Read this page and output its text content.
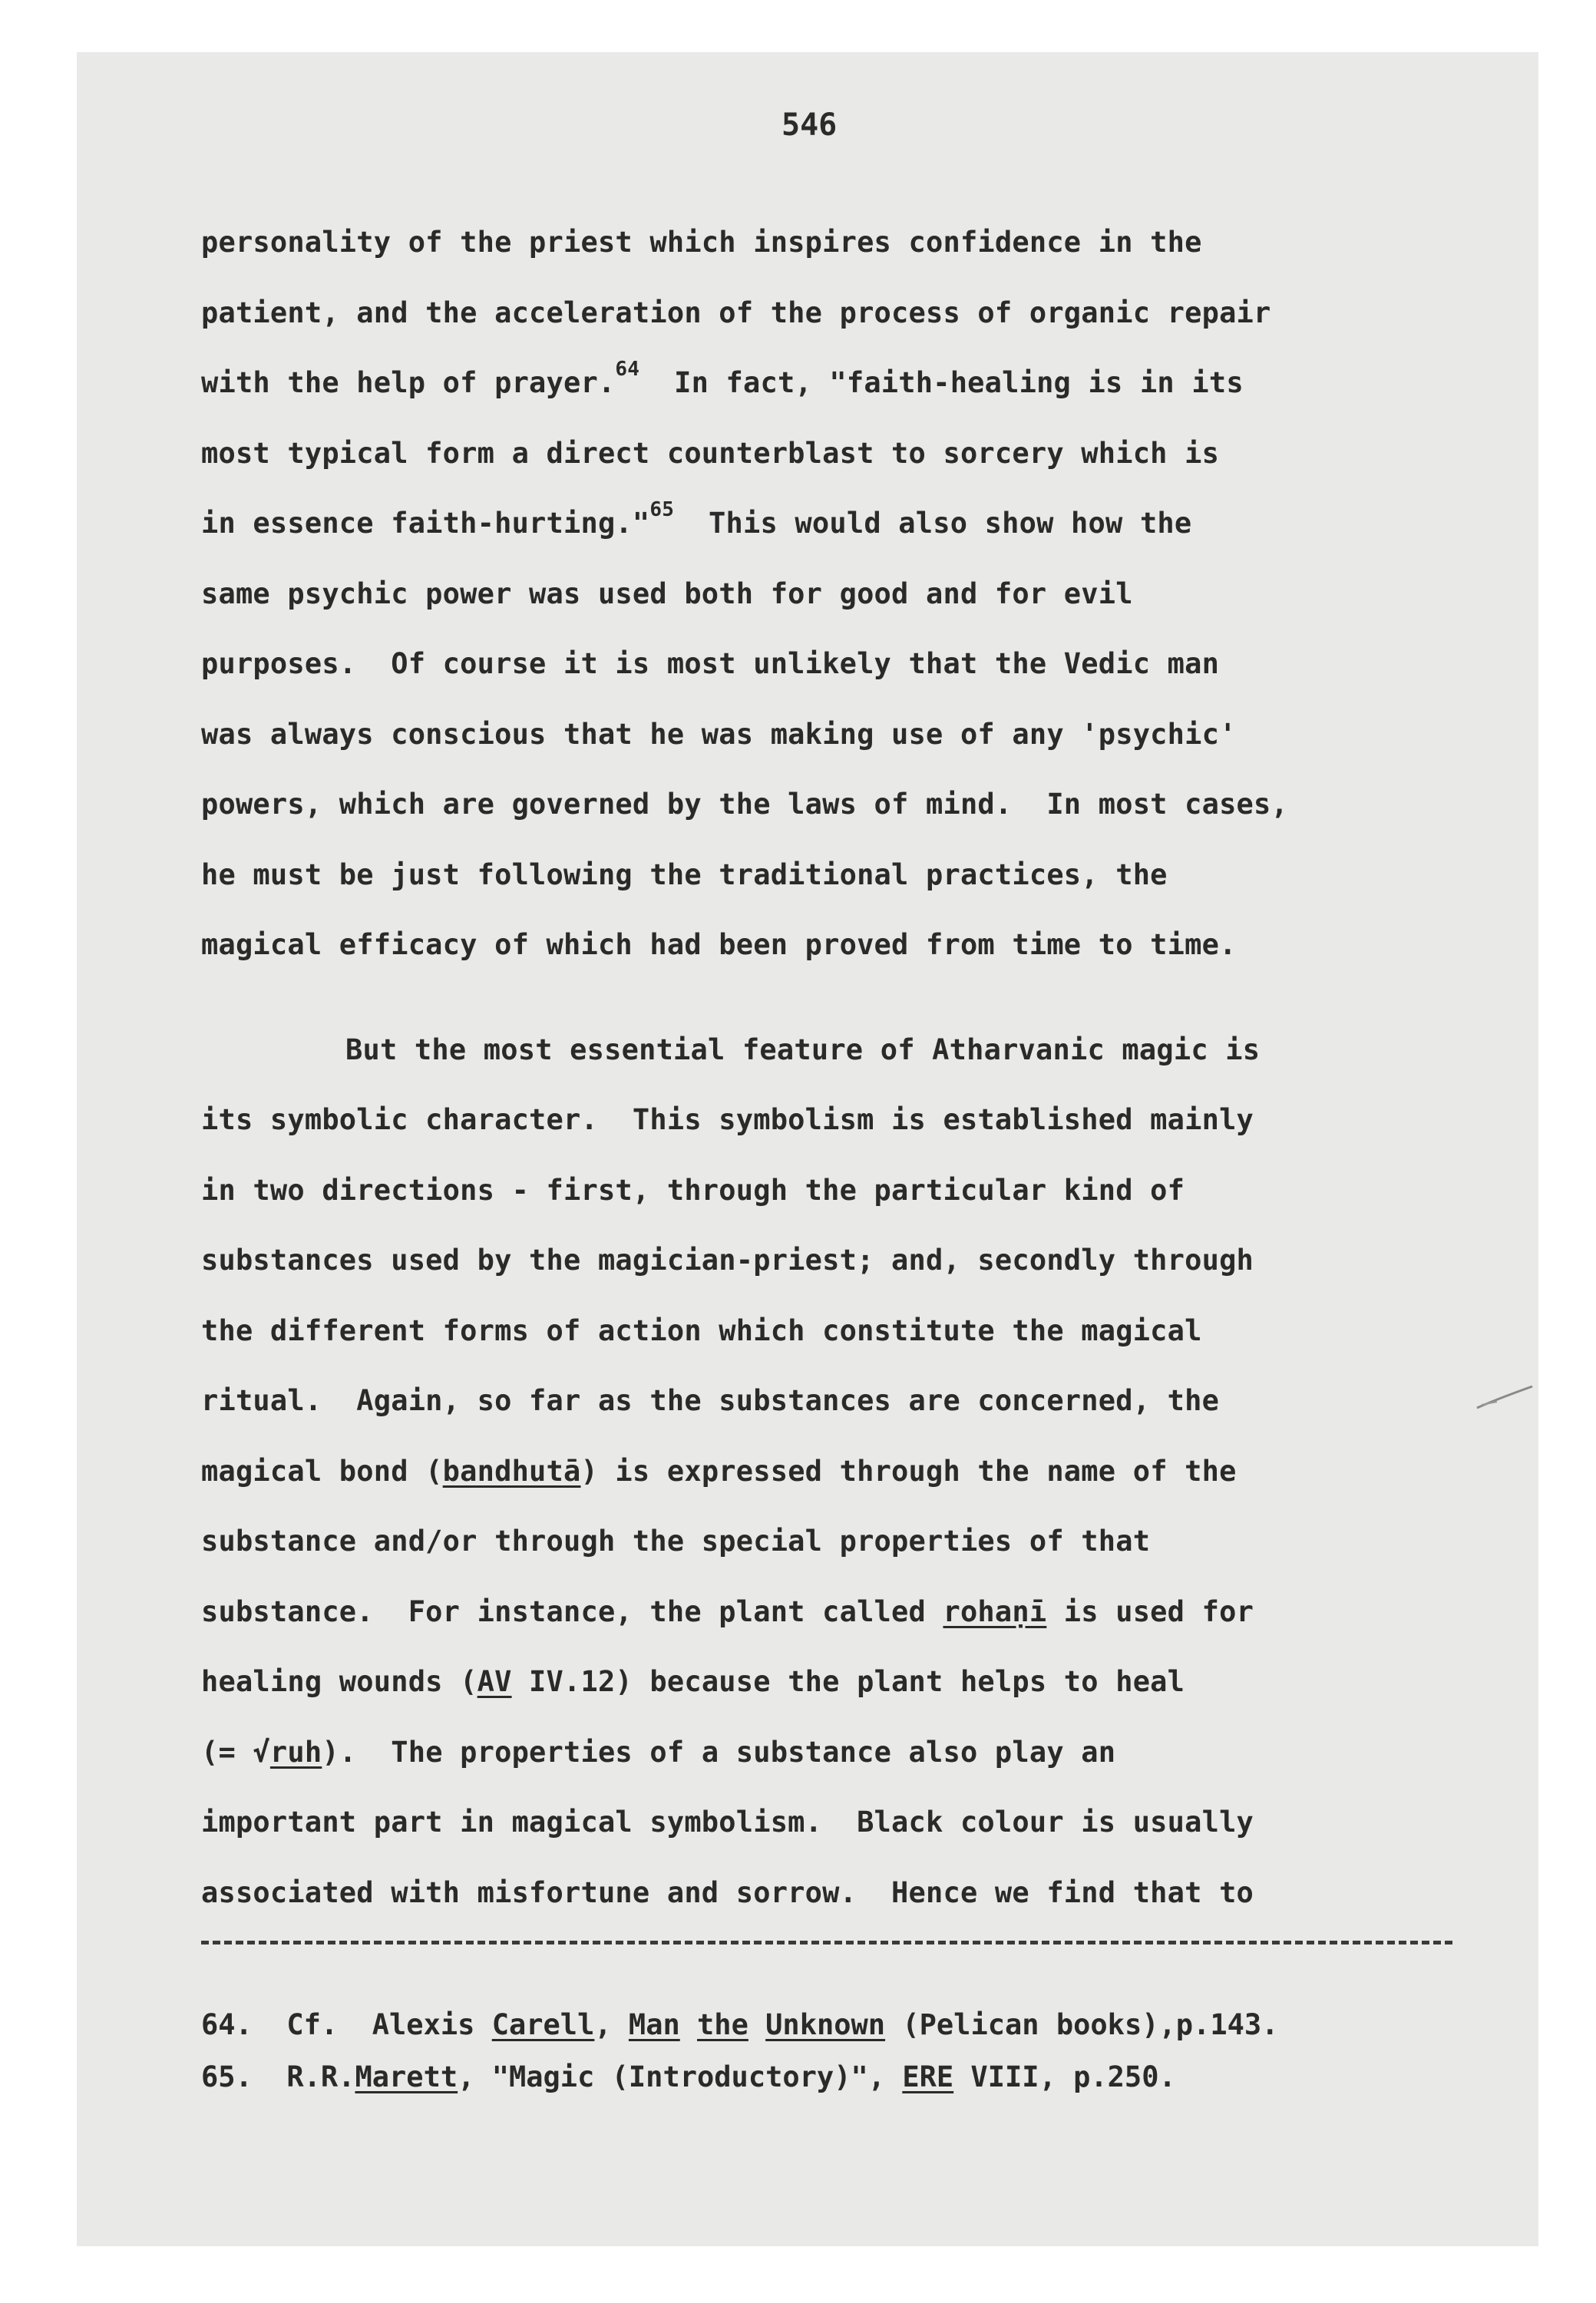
546
personality of the priest which inspires confidence in the
patient, and the acceleration of the process of organic repair
with the help of prayer.$^{64}$  In fact, "faith-healing is in its
most typical form a direct counterblast to sorcery which is
in essence faith-hurting."$^{65}$  This would also show how the
same psychic power was used both for good and for evil
purposes.  Of course it is most unlikely that the Vedic man
was always conscious that he was making use of any 'psychic'
powers, which are governed by the laws of mind.  In most cases,
he must be just following the traditional practices, the
magical efficacy of which had been proved from time to time.
But the most essential feature of Atharvanic magic is
its symbolic character.  This symbolism is established mainly
in two directions - first, through the particular kind of
substances used by the magician-priest; and, secondly through
the different forms of action which constitute the magical
ritual.  Again, so far as the substances are concerned, the
magical bond (bandhutā) is expressed through the name of the
substance and/or through the special properties of that
substance.  For instance, the plant called rohaṇī is used for
healing wounds (AV IV.12) because the plant helps to heal
(= √ruh).  The properties of a substance also play an
important part in magical symbolism.  Black colour is usually
associated with misfortune and sorrow.  Hence we find that to
64.  Cf.  Alexis Carell, Man the Unknown (Pelican books),p.143.
65.  R.R.Marett, "Magic (Introductory)", ERE VIII, p.250.
